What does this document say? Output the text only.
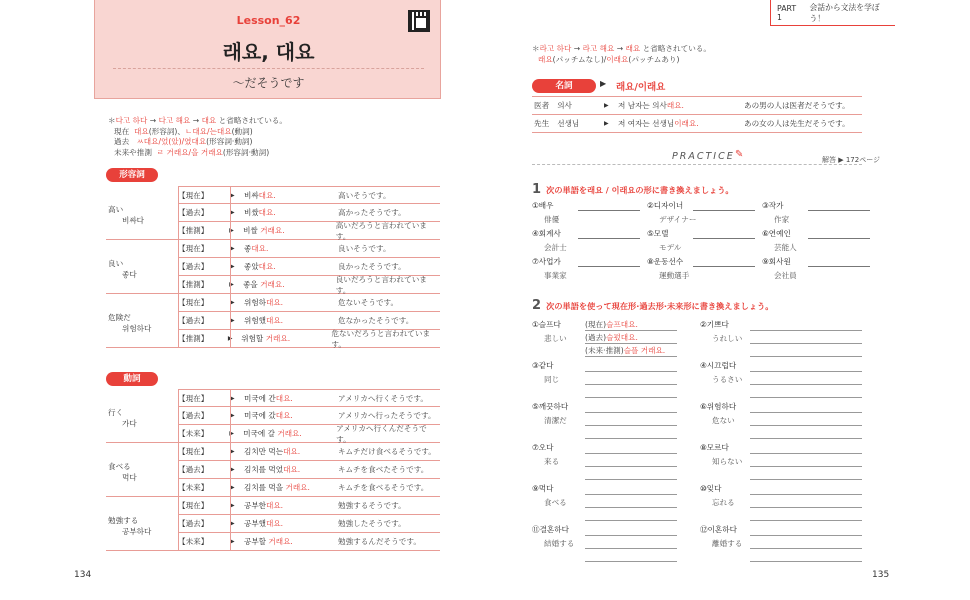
Lesson_62
래요, 대요
～だそうです
＊다고 하다 → 다고 해요 → 대요 と省略されている。
現在 대요(形容詞)、ㄴ대요/는대요(動詞)
過去 ㅆ대요/었(았)/였대요(形容詞·動詞)
未来や推測 ㄹ 거래요/을 거래요(形容詞·動詞)
形容詞
高い
비싸다
【現在】	▶	비싸대요.	高いそうです。
【過去】	▶	비쌌대요.	高かったそうです。
【推測】	▶	비쌀 거래요.
高いだろうと言われています。
良い
좋다
【現在】	▶	좋대요.	良いそうです。
【過去】	▶	좋았대요.	良かったそうです。
【推測】	▶	좋을 거래요.
良いだろうと言われています。
危険だ
위험하다
【現在】	▶	위험하대요.	危ないそうです。
【過去】	▶	위험했대요.	危なかったそうです。
【推測】	▶	위험할 거래요.
危ないだろうと言われています。
動詞
行く
가다
【現在】	▶	미국에 간대요.	アメリカへ行くそうです。
【過去】	▶	미국에 갔대요.	アメリカへ行ったそうです。
【未来】	▶	미국에 갈 거래요.
アメリカへ行くんだそうです。
食べる
먹다
【現在】	▶	김치만 먹는대요.	キムチだけ食べるそうです。
【過去】	▶	김치를 먹었대요.	キムチを食べたそうです。
【未来】	▶	김치를 먹을 거래요.	キムチを食べるそうです。
勉強する
공부하다
【現在】	▶	공부한대요.	勉強するそうです。
【過去】	▶	공부했대요.	勉強したそうです。
【未来】	▶	공부할 거래요.	勉強するんだそうです。
134
PART 1
会話から文法を学ぼう！
＊라고 하다 → 라고 해요 → 래요 と省略されている。
래요(パッチムなし)/이래요(パッチムあり)
名詞	▶ 래요/이래요
医者 의사	▶	저 남자는 의사래요.	あの男の人は医者だそうです。
先生 선생님	▶	저 여자는 선생님이래요.	あの女の人は先生だそうです。
PRACTICE ✎	解答 ▶ 172ページ
1 次の単語を래요 / 이래요の形に書き換えましょう。
①배우
俳優
②디자이너
デザイナー
③작가
作家
④회계사
会計士
⑤모델
モデル
⑥연예인
芸能人
⑦사업가
事業家
⑧운동선수
運動選手
⑨회사원
会社員
2 次の単語を使って現在形·過去形·未来形に書き換えましょう。
①슬프다
悲しい
(現在)슬프대요.
(過去)슬펐대요.
(未来·推測)슬플 거래요.
②기쁘다
うれしい
③같다
同じ
④시끄럽다
うるさい
⑤깨끗하다
清潔だ
⑥위험하다
危ない
⑦오다
来る
⑧모르다
知らない
⑨먹다
食べる
⑩잊다
忘れる
⑪결혼하다
結婚する
⑫이혼하다
離婚する
135
